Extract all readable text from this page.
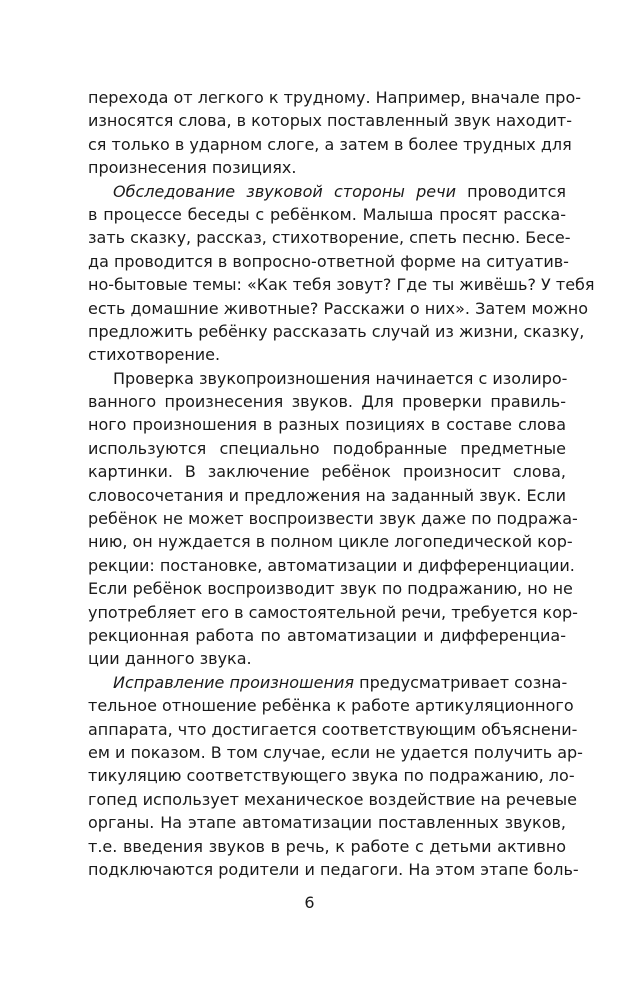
перехода от легкого к трудному. Например, вначале про-
износятся слова, в которых поставленный звук находит-
ся только в ударном слоге, а затем в более трудных для
произнесения позициях.
Обследование звуковой стороны речи проводится
в процессе беседы с ребёнком. Малыша просят расска-
зать сказку, рассказ, стихотворение, спеть песню. Бесе-
да проводится в вопросно-ответной форме на ситуатив-
но-бытовые темы: «Как тебя зовут? Где ты живёшь? У тебя
есть домашние животные? Расскажи о них». Затем можно
предложить ребёнку рассказать случай из жизни, сказку,
стихотворение.
Проверка звукопроизношения начинается с изолиро-
ванного произнесения звуков. Для проверки правиль-
ного произношения в разных позициях в составе слова
используются специально подобранные предметные
картинки. В заключение ребёнок произносит слова,
словосочетания и предложения на заданный звук. Если
ребёнок не может воспроизвести звук даже по подража-
нию, он нуждается в полном цикле логопедической кор-
рекции: постановке, автоматизации и дифференциации.
Если ребёнок воспроизводит звук по подражанию, но не
употребляет его в самостоятельной речи, требуется кор-
рекционная работа по автоматизации и дифференциа-
ции данного звука.
Исправление произношения предусматривает созна-
тельное отношение ребёнка к работе артикуляционного
аппарата, что достигается соответствующим объяснени-
ем и показом. В том случае, если не удается получить ар-
тикуляцию соответствующего звука по подражанию, ло-
гопед использует механическое воздействие на речевые
органы. На этапе автоматизации поставленных звуков,
т.е. введения звуков в речь, к работе с детьми активно
подключаются родители и педагоги. На этом этапе боль-
6
